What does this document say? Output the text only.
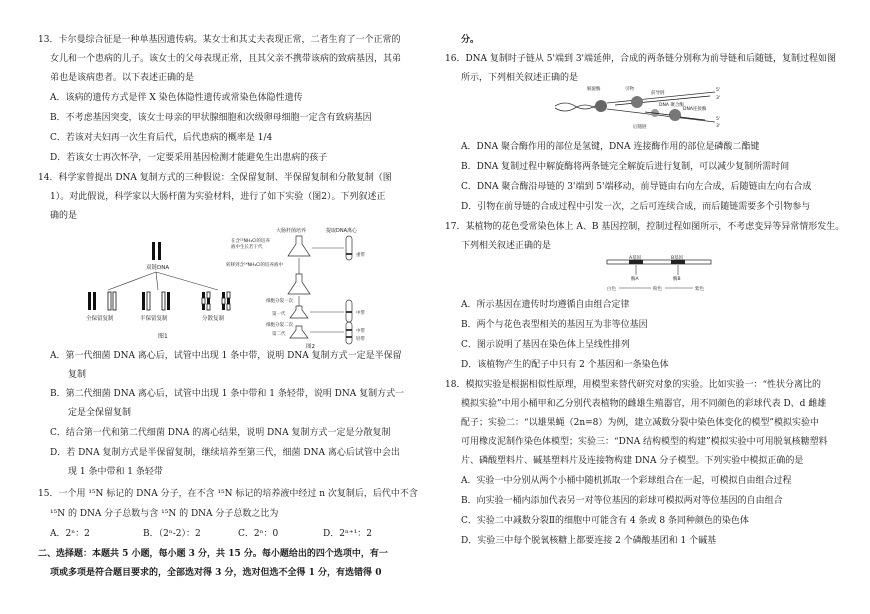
13．卡尔曼综合征是一种单基因遗传病。某女士和其丈夫表现正常，二者生育了一个正常的
女儿和一个患病的儿子。该女士的父母表现正常，且其父亲不携带该病的致病基因，其弟
弟也是该病患者。以下表述正确的是
A．该病的遗传方式是伴 X 染色体隐性遗传或常染色体隐性遗传
B．不考虑基因突变，该女士母亲的甲状腺细胞和次级卵母细胞一定含有致病基因
C．若该对夫妇再一次生育后代，后代患病的概率是 1/4
D．若该女士再次怀孕，一定要采用基因检测才能避免生出患病的孩子
14．科学家曾提出 DNA 复制方式的三种假说：全保留复制、半保留复制和分散复制（图
1）。对此假说，科学家以大肠杆菌为实验材料，进行了如下实验（图2）。下列叙述正
确的是
双链DNA
全保留复制	半保留复制	分散复制
图1
大肠杆菌培养	提取DNA离心
在含¹⁵NH₄Cl的培养
液中生长若干代
重带
转移到含¹⁴NH₄Cl的培养液中
细胞分裂一次
第一代	中带
细胞分裂二次
第二代
中带
轻带
图2
A．第一代细菌 DNA 离心后，试管中出现 1 条中带，说明 DNA 复制方式一定是半保留
复制
B．第二代细菌 DNA 离心后，试管中出现 1 条中带和 1 条轻带，说明 DNA 复制方式一
定是全保留复制
C．结合第一代和第二代细菌 DNA 的离心结果，说明 DNA 复制方式一定是分散复制
D．若 DNA 复制方式是半保留复制，继续培养至第三代，细菌 DNA 离心后试管中会出
现 1 条中带和 1 条轻带
15．一个用 ¹⁵N 标记的 DNA 分子，在不含 ¹⁵N 标记的培养液中经过 n 次复制后，后代中不含
¹⁵N 的 DNA 分子总数与含 ¹⁵N 的 DNA 分子总数之比为
A．2ⁿ：2	B．（2ⁿ-2）：2	C．2ⁿ：0	D．2ⁿ⁺¹：2
二、选择题：本题共 5 小题，每小题 3 分，共 15 分。每小题给出的四个选项中，有一
项或多项是符合题目要求的，全部选对得 3 分，选对但选不全得 1 分，有选错得 0
分。
16．DNA 复制时子链从 5'端到 3'端延伸，合成的两条链分别称为前导链和后随链，复制过程如图
所示，下列相关叙述正确的是
解旋酶	引物
前导链
后随链
DNA连接酶
DNA 聚合酶
5'
3'
5'
3'
A．DNA 聚合酶作用的部位是氢键，DNA 连接酶作用的部位是磷酸二酯键
B．DNA 复制过程中解旋酶将两条链完全解旋后进行复制，可以减少复制所需时间
C．DNA 聚合酶沿母链的 3'端到 5'端移动，前导链由右向左合成，后随链由左向右合成
D．引物在前导链的合成过程中引发一次，之后可连续合成，而后随链需要多个引物参与
17．某植物的花色受常染色体上 A、B 基因控制，控制过程如图所示，不考虑变异等异常情形发生。
下列相关叙述正确的是
A基因	B基因
酶A	酶B
白色	粉色	紫色
A．所示基因在遗传时均遵循自由组合定律
B．两个与花色表型相关的基因互为非等位基因
C．图示说明了基因在染色体上呈线性排列
D．该植物产生的配子中只有 2 个基因和一条染色体
18．模拟实验是根据相似性原理，用模型来替代研究对象的实验。比如实验一：“性状分离比的
模拟实验”中用小桶甲和乙分别代表植物的雌雄生殖器官，用不同颜色的彩球代表 D、d 雌雄
配子；实验二：“以雄果蝇（2n=8）为例，建立减数分裂中染色体变化的模型”模拟实验中
可用橡皮泥制作染色体模型；实验三：“DNA 结构模型的构建”模拟实验中可用脱氧核糖塑料
片、磷酸塑料片、碱基塑料片及连接物构建 DNA 分子模型。下列实验中模拟正确的是
A．实验一中分别从两个小桶中随机抓取一个彩球组合在一起，可模拟自由组合过程
B．向实验一桶内添加代表另一对等位基因的彩球可模拟两对等位基因的自由组合
C．实验二中减数分裂Ⅱ的细胞中可能含有 4 条或 8 条同种颜色的染色体
D．实验三中每个脱氧核糖上都要连接 2 个磷酸基团和 1 个碱基
